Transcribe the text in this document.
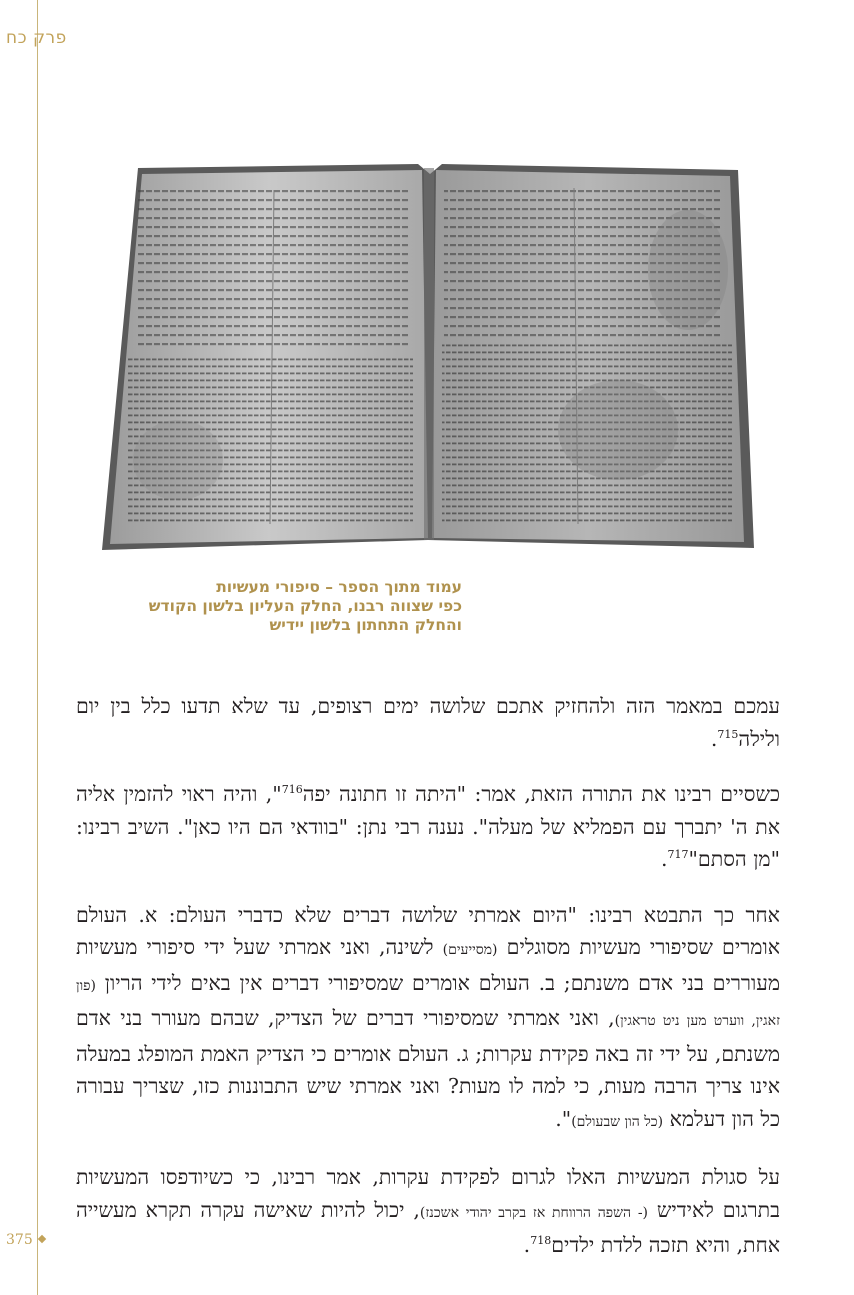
פרק כח
עמוד מתוך הספר – סיפורי מעשיות
כפי שצווה רבנו, החלק העליון בלשון הקודש
והחלק התחתון בלשון יידיש

עמכם במאמר הזה ולהחזיק אתכם שלושה ימים רצופים, עד שלא תדעו כלל בין יום ולילה$^{715}$.

כשסיים רבינו את התורה הזאת, אמר: "היתה זו חתונה יפה$^{716}$", והיה ראוי להזמין אליה את ה' יתברך עם הפמליא של מעלה". נענה רבי נתן: "בוודאי הם היו כאן". השיב רבינו: "מן הסתם"$^{717}$.

אחר כך התבטא רבינו: "היום אמרתי שלושה דברים שלא כדברי העולם: א. העולם אומרים שסיפורי מעשיות מסוגלים (מסייעים) לשינה, ואני אמרתי שעל ידי סיפורי מעשיות מעוררים בני אדם משנתם; ב. העולם אומרים שמסיפורי דברים אין באים לידי הריון (פון זאגין, ווערט מען ניט טראגין), ואני אמרתי שמסיפורי דברים של הצדיק, שבהם מעורר בני אדם משנתם, על ידי זה באה פקידת עקרות; ג. העולם אומרים כי הצדיק האמת המופלג במעלה אינו צריך הרבה מעות, כי למה לו מעות? ואני אמרתי שיש התבוננות כזו, שצריך עבורה כל הון דעלמא (כל הון שבעולם)".

על סגולת המעשיות האלו לגרום לפקידת עקרות, אמר רבינו, כי כשיודפסו המעשיות בתרגום לאידיש (- השפה הרווחת אז בקרב יהודי אשכנז), יכול להיות שאישה עקרה תקרא מעשייה אחת, והיא תזכה ללדת ילדים$^{718}$.

375
